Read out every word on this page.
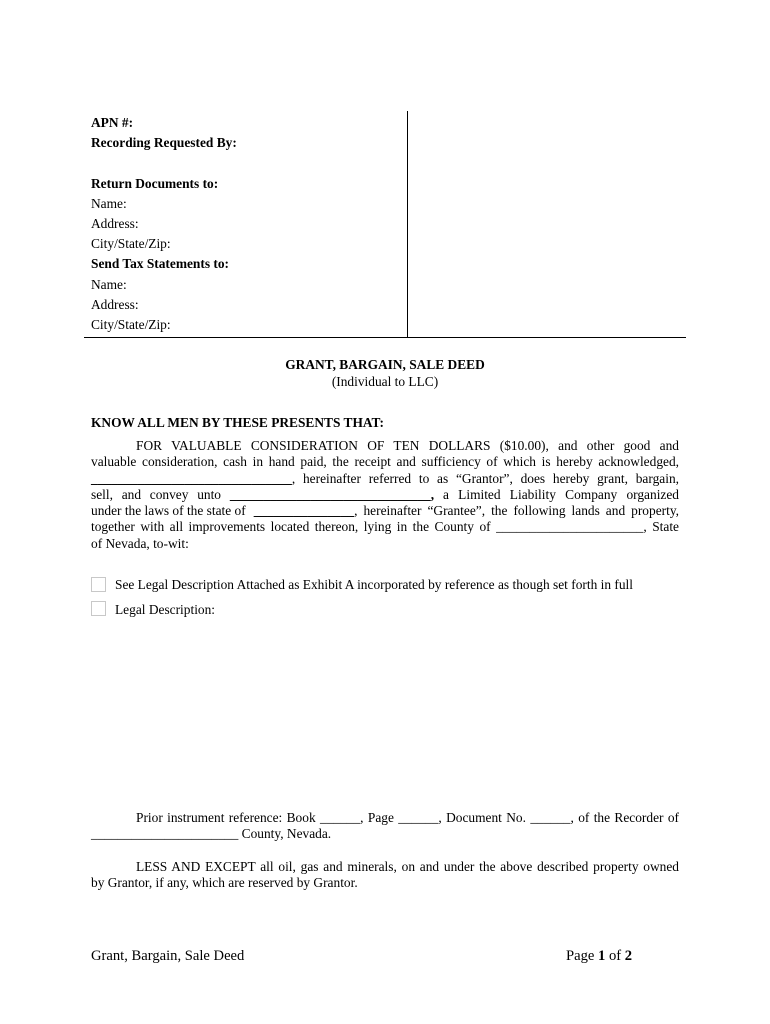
APN #:
Recording Requested By:
Return Documents to:
Name:
Address:
City/State/Zip:
Send Tax Statements to:
Name:
Address:
City/State/Zip:
GRANT, BARGAIN, SALE DEED
(Individual to LLC)
KNOW ALL MEN BY THESE PRESENTS THAT:
FOR VALUABLE CONSIDERATION OF TEN DOLLARS ($10.00), and other good and
valuable consideration, cash in hand paid, the receipt and sufficiency of which is hereby acknowledged,
______________________________ , hereinafter referred to as “Grantor”, does hereby grant, bargain,
sell, and convey unto ______________________________, a Limited Liability Company organized
under the laws of the state of _______________ , hereinafter “Grantee”, the following lands and property,
together with all improvements located thereon, lying in the County of ______________________, State
of Nevada, to-wit:
See Legal Description Attached as Exhibit A incorporated by reference as though set forth in full
Legal Description:
Prior instrument reference: Book ______, Page ______, Document No. ______, of the Recorder of
______________________ County, Nevada.
LESS AND EXCEPT all oil, gas and minerals, on and under the above described property owned
by Grantor, if any, which are reserved by Grantor.
Grant, Bargain, Sale Deed	Page 1 of 2
